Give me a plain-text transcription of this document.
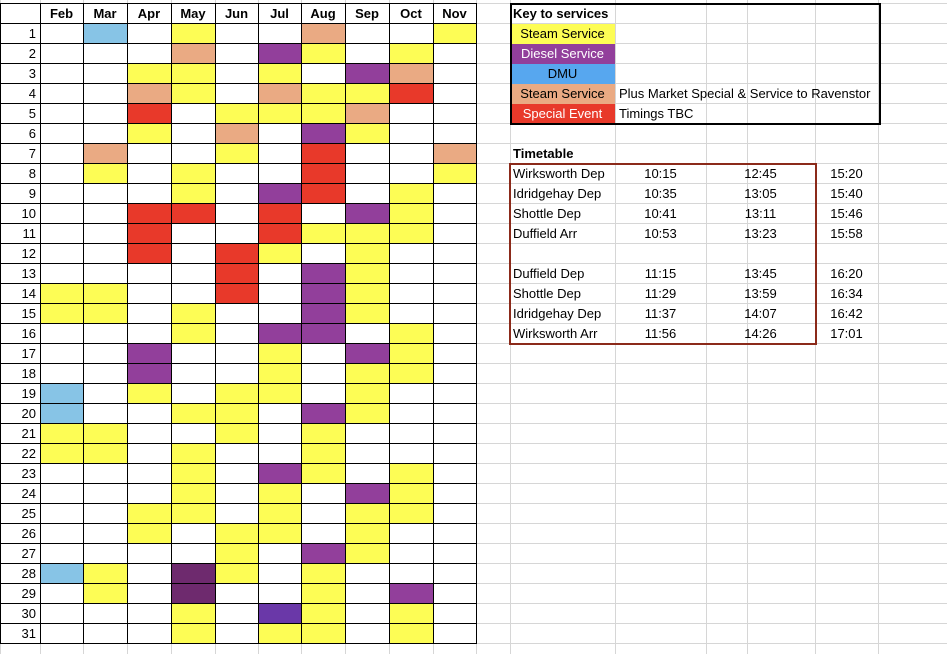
Feb	Mar	Apr	May	Jun	Jul	Aug	Sep	Oct	Nov
1
2
3
4
5
6
7
8
9
10
11
12
13
14
15
16
17
18
19
20
21
22
23
24
25
26
27
28
29
30
31
Key to services
Steam Service
Diesel Service
DMU
Steam Service	Plus Market Special & Service to Ravenstor
Special Event	Timings TBC
Timetable
Wirksworth Dep	10:15	12:45	15:20
Idridgehay Dep	10:35	13:05	15:40
Shottle Dep	10:41	13:11	15:46
Duffield Arr	10:53	13:23	15:58
Duffield Dep	11:15	13:45	16:20
Shottle Dep	11:29	13:59	16:34
Idridgehay Dep	11:37	14:07	16:42
Wirksworth Arr	11:56	14:26	17:01
